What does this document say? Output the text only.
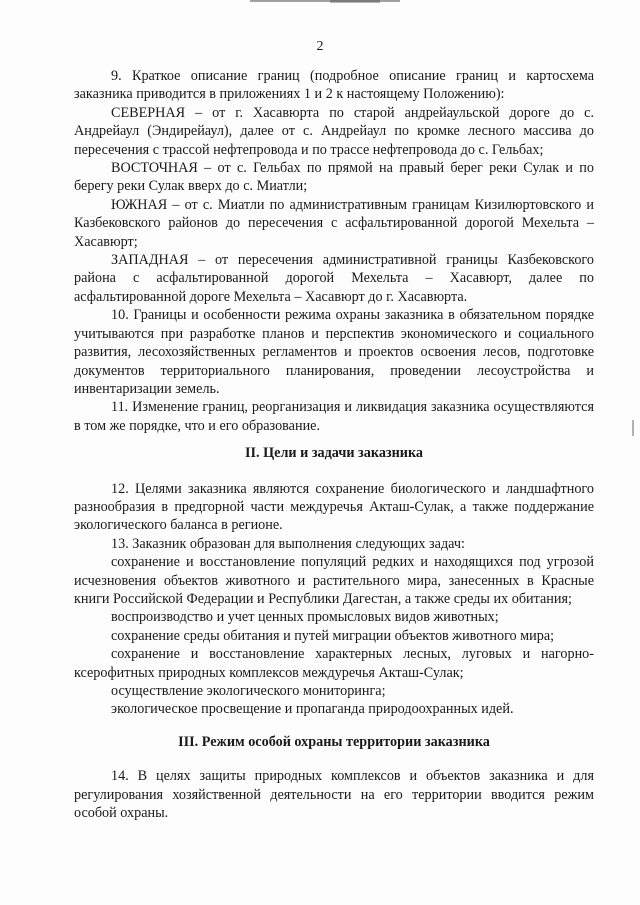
2

9. Краткое описание границ (подробное описание границ и картосхема заказника приводится в приложениях 1 и 2 к настоящему Положению):

СЕВЕРНАЯ – от г. Хасавюрта по старой андрейаульской дороге до с. Андрейаул (Эндирейаул), далее от с. Андрейаул по кромке лесного массива до пересечения с трассой нефтепровода и по трассе нефтепровода до с. Гельбах;

ВОСТОЧНАЯ – от с. Гельбах по прямой на правый берег реки Сулак и по берегу реки Сулак вверх до с. Миатли;

ЮЖНАЯ – от с. Миатли по административным границам Кизилюртовского и Казбековского районов до пересечения с асфальтированной дорогой Мехельта – Хасавюрт;

ЗАПАДНАЯ – от пересечения административной границы Казбековского района с асфальтированной дорогой Мехельта – Хасавюрт, далее по асфальтированной дороге Мехельта – Хасавюрт до г. Хасавюрта.

10. Границы и особенности режима охраны заказника в обязательном порядке учитываются при разработке планов и перспектив экономического и социального развития, лесохозяйственных регламентов и проектов освоения лесов, подготовке документов территориального планирования, проведении лесоустройства и инвентаризации земель.

11. Изменение границ, реорганизация и ликвидация заказника осуществляются в том же порядке, что и его образование.

II. Цели и задачи заказника

12. Целями заказника являются сохранение биологического и ландшафтного разнообразия в предгорной части междуречья Акташ-Сулак, а также поддержание экологического баланса в регионе.

13. Заказник образован для выполнения следующих задач:

сохранение и восстановление популяций редких и находящихся под угрозой исчезновения объектов животного и растительного мира, занесенных в Красные книги Российской Федерации и Республики Дагестан, а также среды их обитания;

воспроизводство и учет ценных промысловых видов животных;

сохранение среды обитания и путей миграции объектов животного мира;

сохранение и восстановление характерных лесных, луговых и нагорно-ксерофитных природных комплексов междуречья Акташ-Сулак;

осуществление экологического мониторинга;

экологическое просвещение и пропаганда природоохранных идей.

III. Режим особой охраны территории заказника

14. В целях защиты природных комплексов и объектов заказника и для регулирования хозяйственной деятельности на его территории вводится режим особой охраны.
